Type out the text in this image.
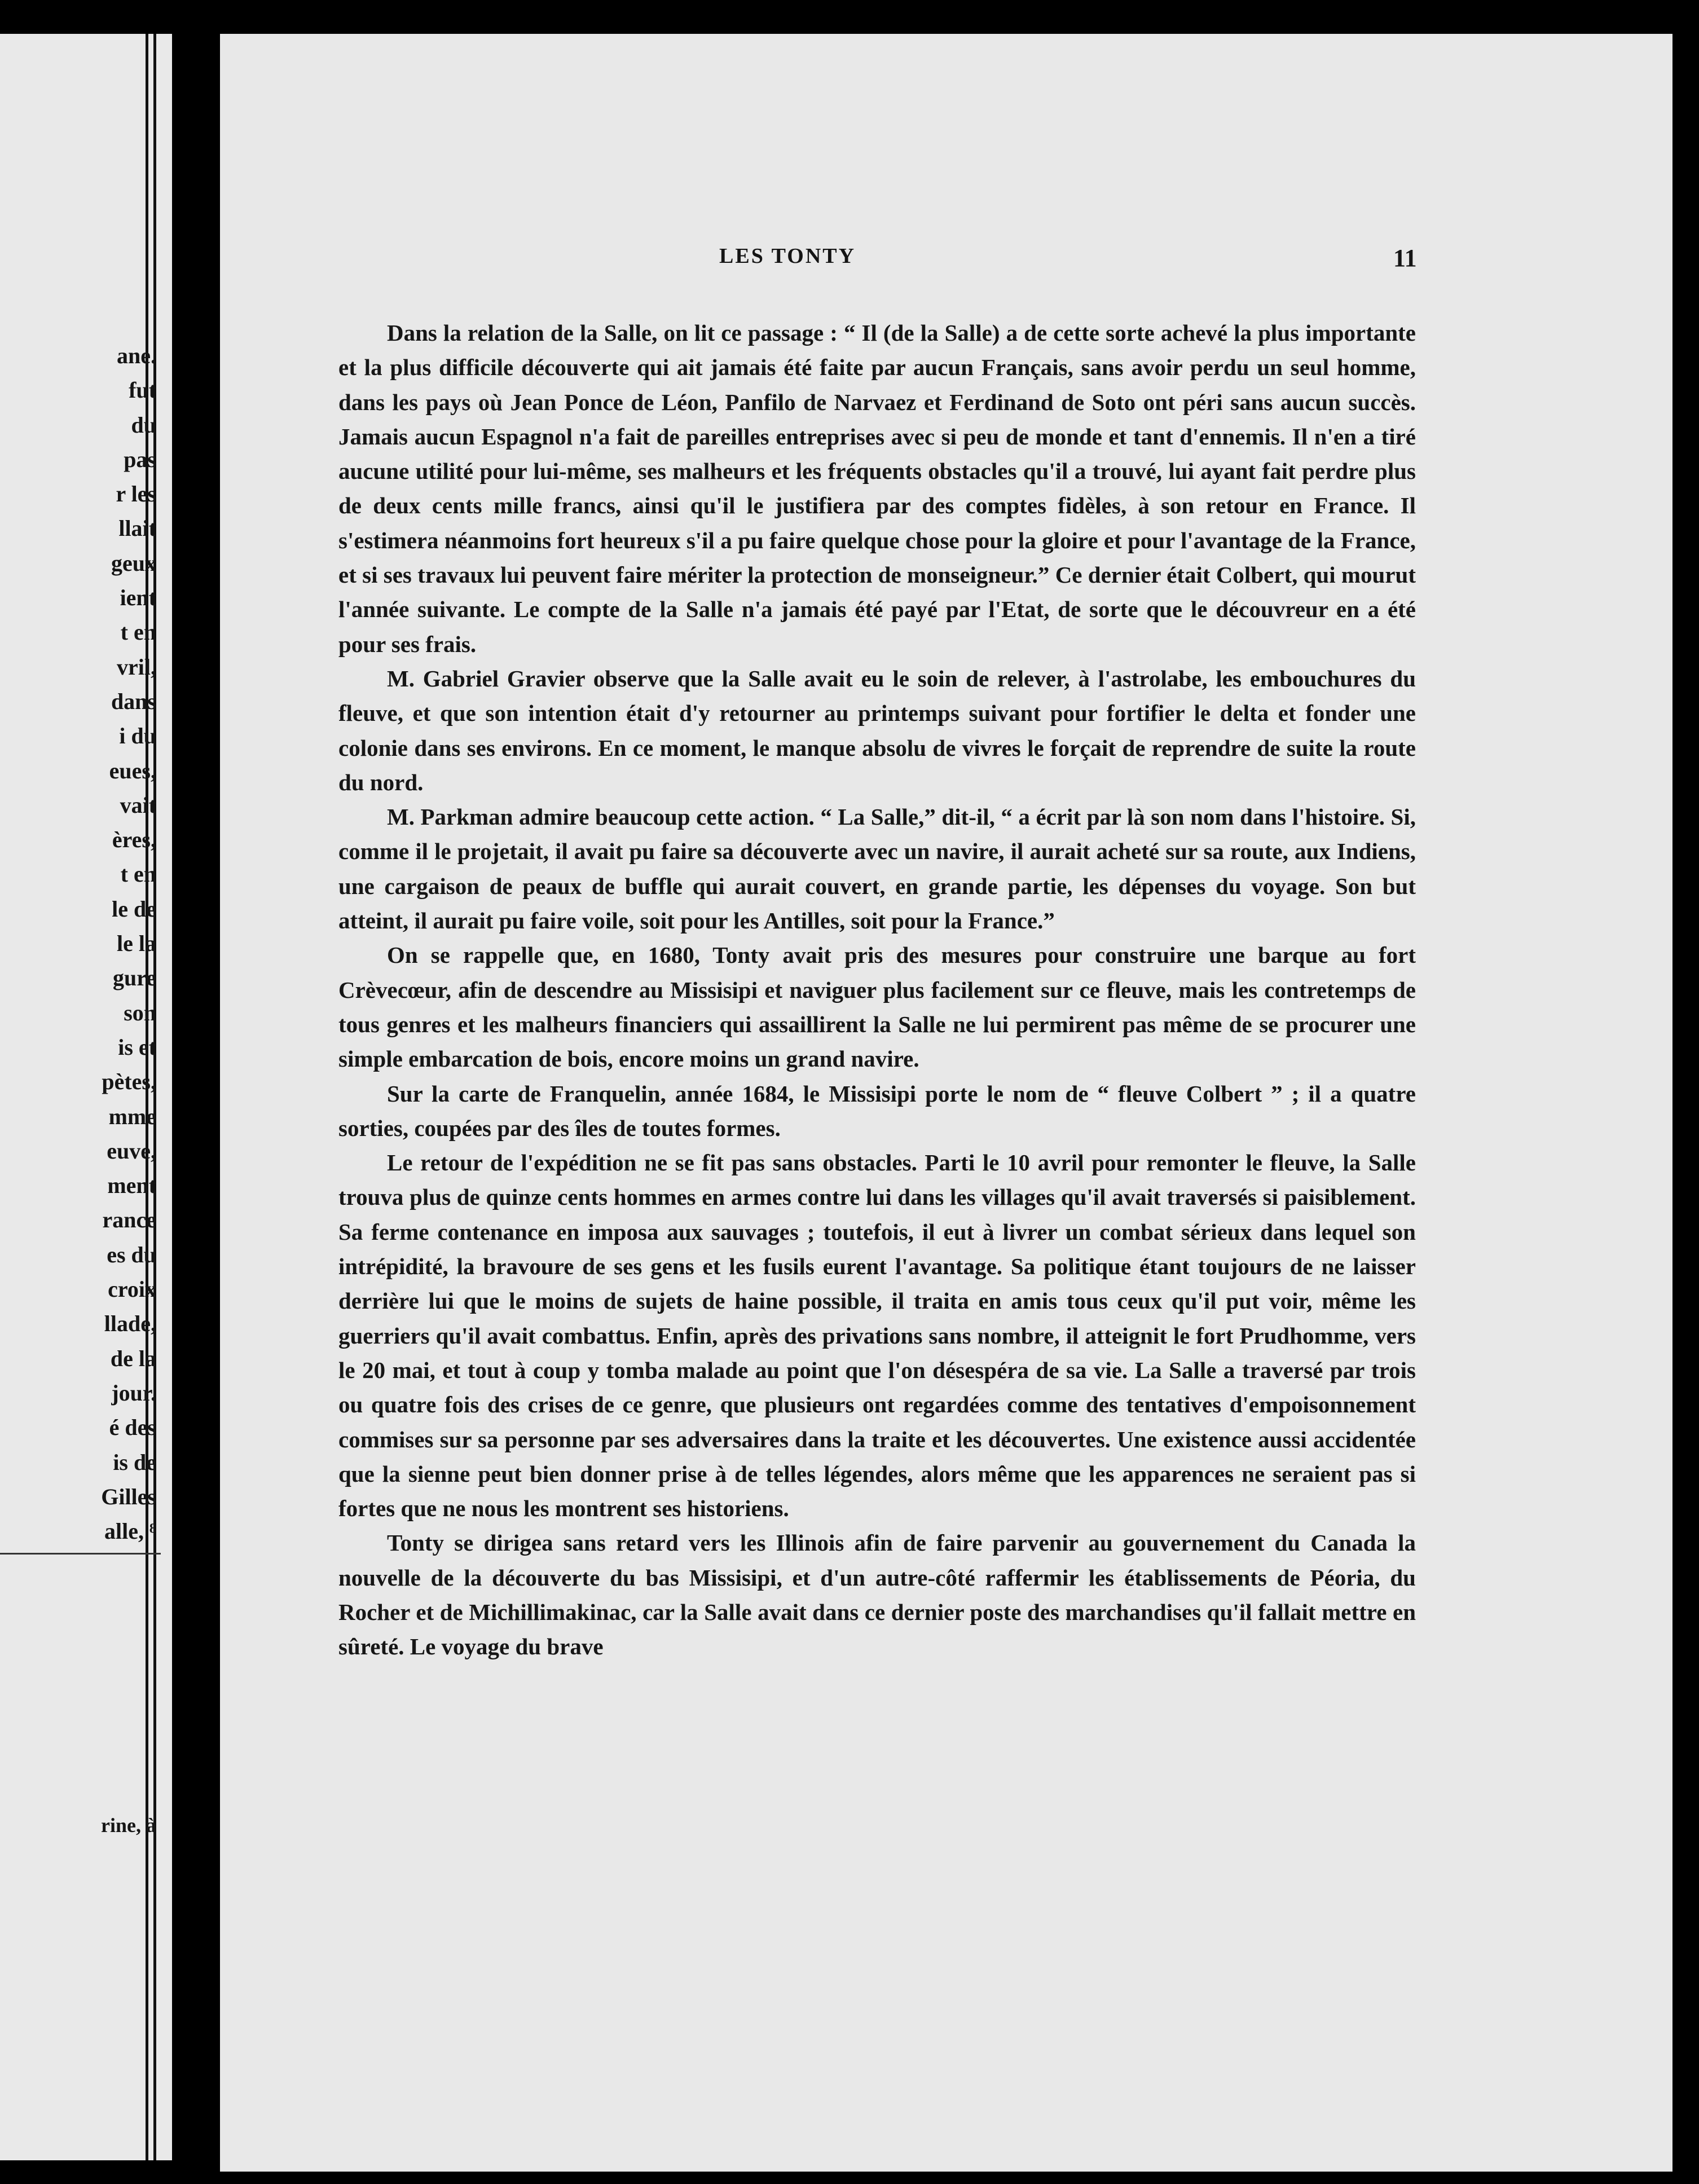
ane.
fut
du
pas
r les
llait
geux
ient
t en
vril,
dans
i du
eues,
vait
ères,
t en
le de
le la
gure
son
is et
pètes,
mme
euve,
ment
rance
es du
croix
llade,
de la
jour.
é des
is de
Gilles
alle, ⁸
rine, à
LES TONTY	11

Dans la relation de la Salle, on lit ce passage : “ Il (de la Salle) a de cette sorte achevé la plus importante et la plus difficile découverte qui ait jamais été faite par aucun Français, sans avoir perdu un seul homme, dans les pays où Jean Ponce de Léon, Panfilo de Narvaez et Ferdinand de Soto ont péri sans aucun succès. Jamais aucun Espagnol n'a fait de pareilles entreprises avec si peu de monde et tant d'ennemis. Il n'en a tiré aucune utilité pour lui-même, ses malheurs et les fréquents obstacles qu'il a trouvé, lui ayant fait perdre plus de deux cents mille francs, ainsi qu'il le justifiera par des comptes fidèles, à son retour en France. Il s'estimera néanmoins fort heureux s'il a pu faire quelque chose pour la gloire et pour l'avantage de la France, et si ses travaux lui peuvent faire mériter la protection de monseigneur.” Ce dernier était Colbert, qui mourut l'année suivante. Le compte de la Salle n'a jamais été payé par l'Etat, de sorte que le découvreur en a été pour ses frais.

M. Gabriel Gravier observe que la Salle avait eu le soin de relever, à l'astrolabe, les embouchures du fleuve, et que son intention était d'y retourner au printemps suivant pour fortifier le delta et fonder une colonie dans ses environs. En ce moment, le manque absolu de vivres le forçait de reprendre de suite la route du nord.

M. Parkman admire beaucoup cette action. “ La Salle,” dit-il, “ a écrit par là son nom dans l'histoire. Si, comme il le projetait, il avait pu faire sa découverte avec un navire, il aurait acheté sur sa route, aux Indiens, une cargaison de peaux de buffle qui aurait couvert, en grande partie, les dépenses du voyage. Son but atteint, il aurait pu faire voile, soit pour les Antilles, soit pour la France.”

On se rappelle que, en 1680, Tonty avait pris des mesures pour construire une barque au fort Crèvecœur, afin de descendre au Missisipi et naviguer plus facilement sur ce fleuve, mais les contretemps de tous genres et les malheurs financiers qui assaillirent la Salle ne lui permirent pas même de se procurer une simple embarcation de bois, encore moins un grand navire.

Sur la carte de Franquelin, année 1684, le Missisipi porte le nom de “ fleuve Colbert ” ; il a quatre sorties, coupées par des îles de toutes formes.

Le retour de l'expédition ne se fit pas sans obstacles. Parti le 10 avril pour remonter le fleuve, la Salle trouva plus de quinze cents hommes en armes contre lui dans les villages qu'il avait traversés si paisiblement. Sa ferme contenance en imposa aux sauvages ; toutefois, il eut à livrer un combat sérieux dans lequel son intrépidité, la bravoure de ses gens et les fusils eurent l'avantage. Sa politique étant toujours de ne laisser derrière lui que le moins de sujets de haine possible, il traita en amis tous ceux qu'il put voir, même les guerriers qu'il avait combattus. Enfin, après des privations sans nombre, il atteignit le fort Prudhomme, vers le 20 mai, et tout à coup y tomba malade au point que l'on désespéra de sa vie. La Salle a traversé par trois ou quatre fois des crises de ce genre, que plusieurs ont regardées comme des tentatives d'empoisonnement commises sur sa personne par ses adversaires dans la traite et les découvertes. Une existence aussi accidentée que la sienne peut bien donner prise à de telles légendes, alors même que les apparences ne seraient pas si fortes que ne nous les montrent ses historiens.

Tonty se dirigea sans retard vers les Illinois afin de faire parvenir au gouvernement du Canada la nouvelle de la découverte du bas Missisipi, et d'un autre-côté raffermir les établissements de Péoria, du Rocher et de Michillimakinac, car la Salle avait dans ce dernier poste des marchandises qu'il fallait mettre en sûreté. Le voyage du brave
